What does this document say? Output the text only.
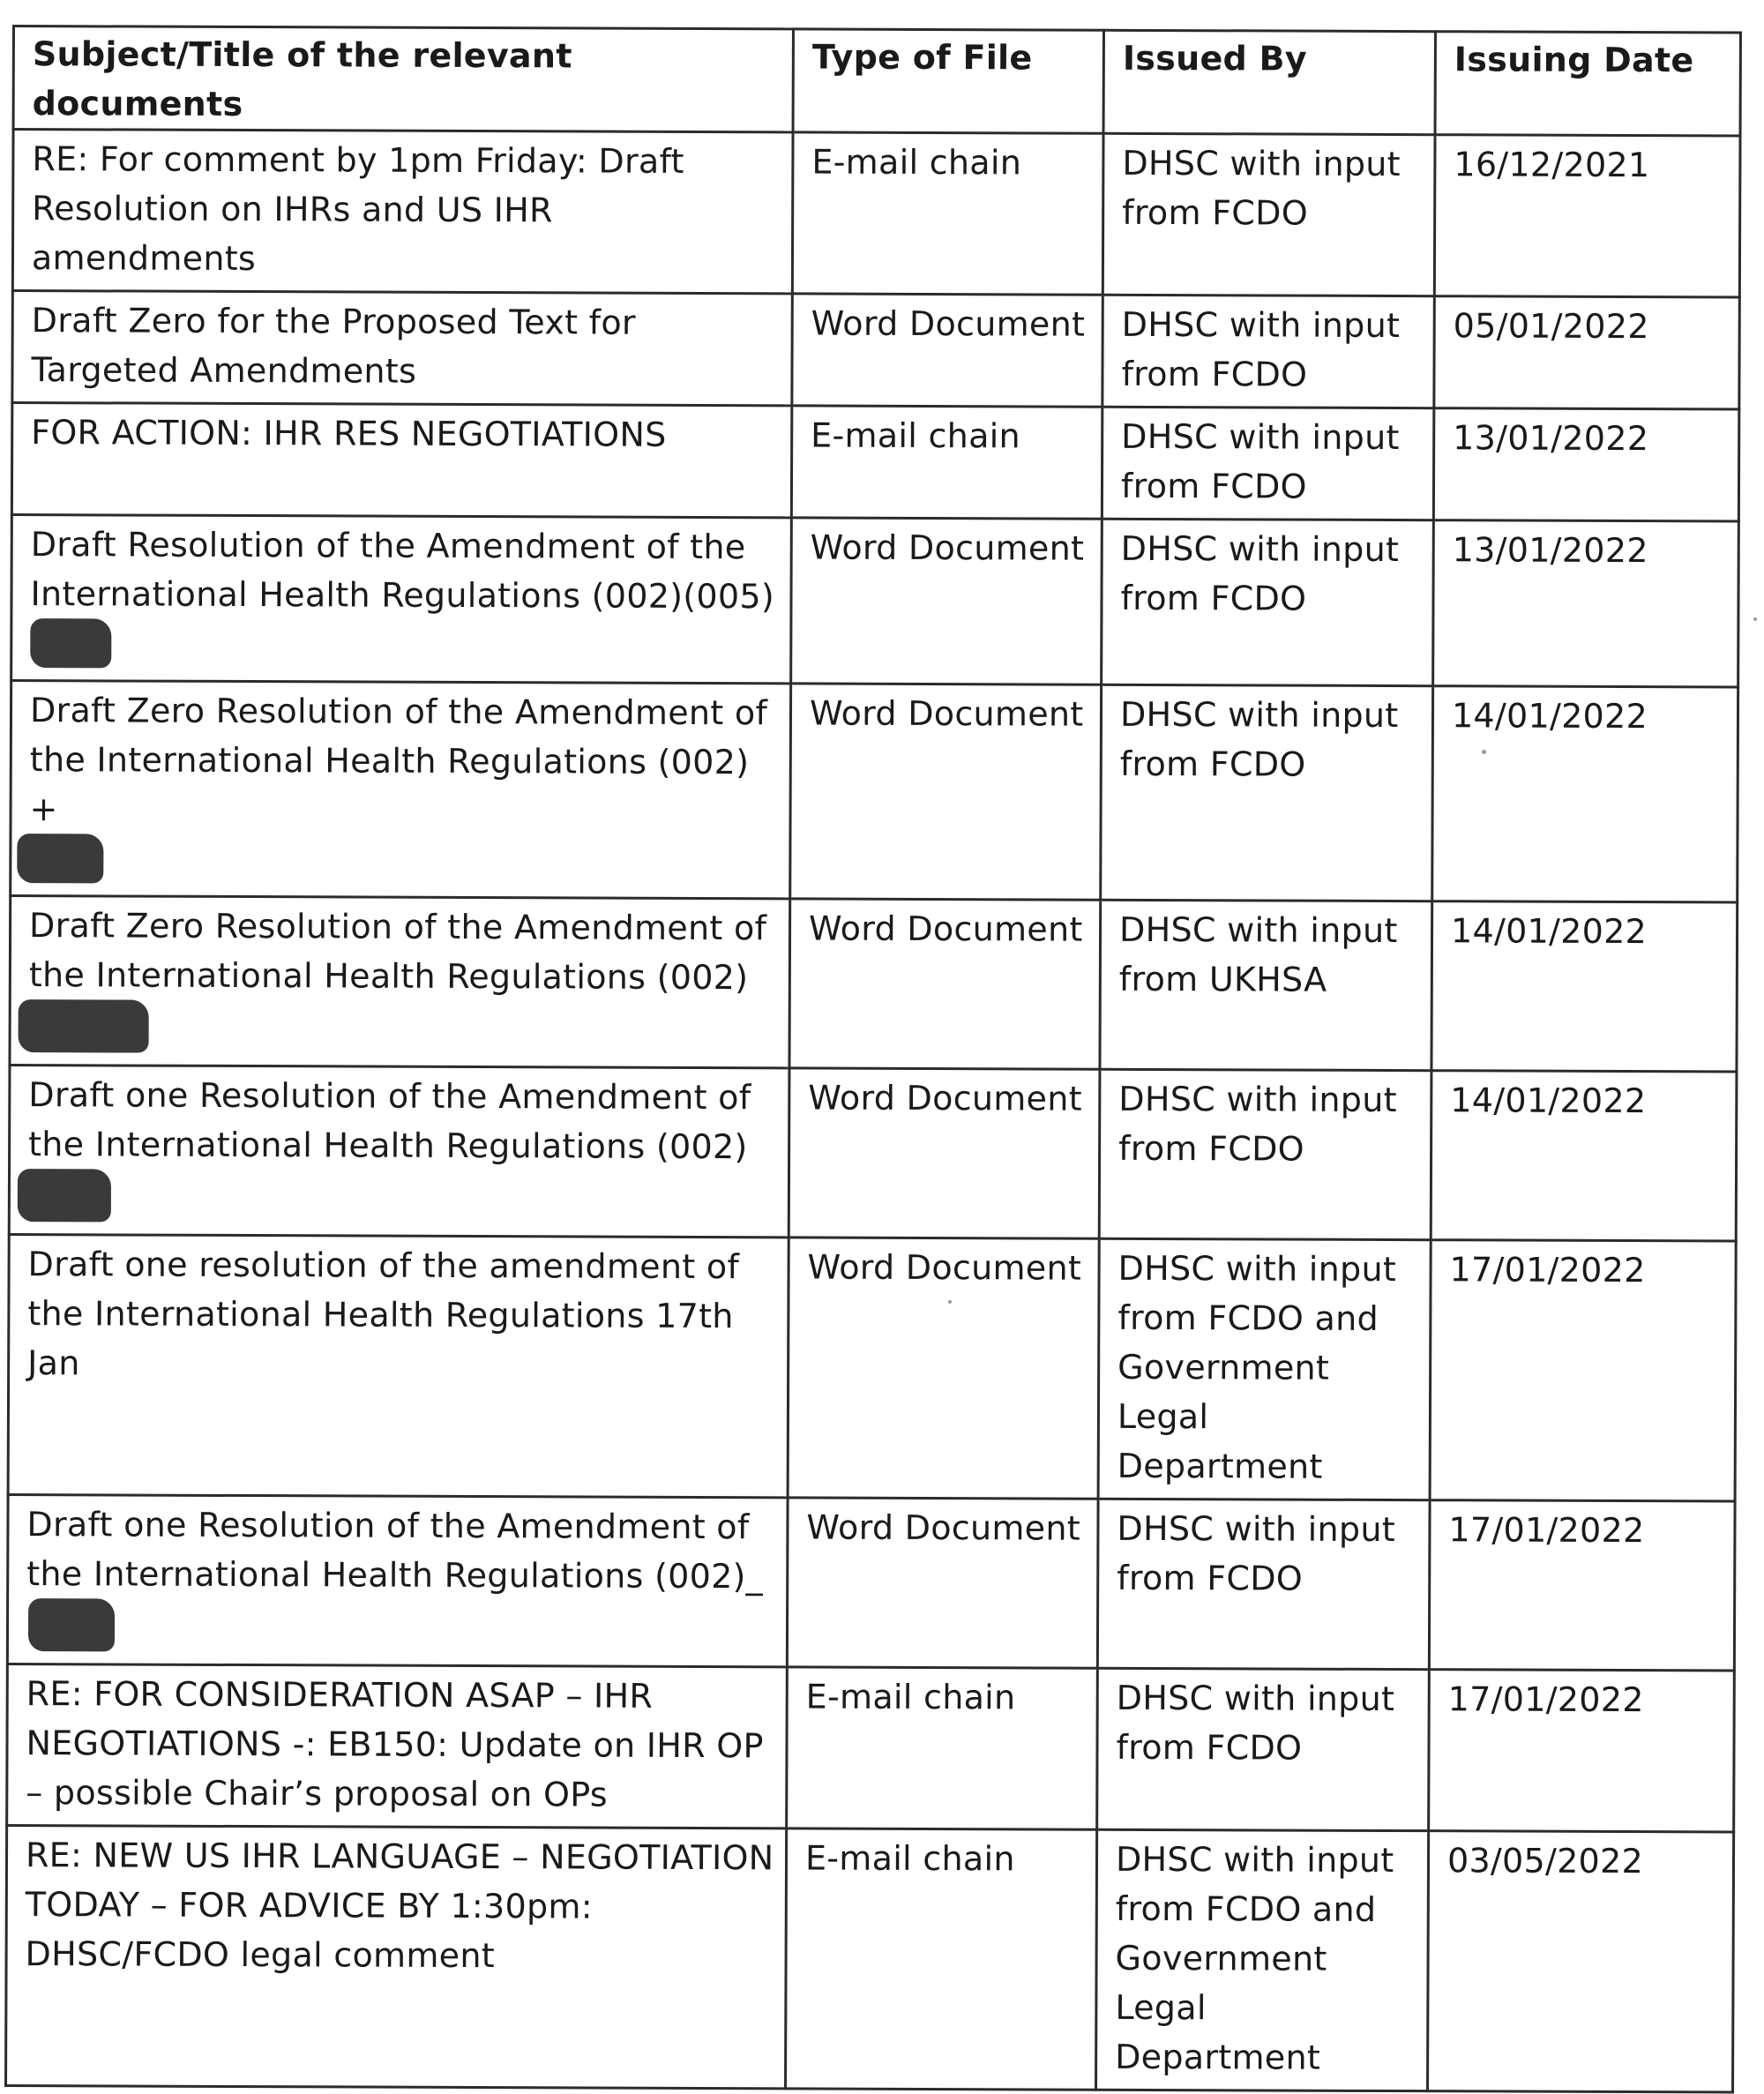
Subject/Title of the relevant documents	Type of File	Issued By	Issuing Date

RE: For comment by 1pm Friday: Draft Resolution on IHRs and US IHR amendments	E-mail chain	DHSC with input from FCDO	16/12/2021

Draft Zero for the Proposed Text for Targeted Amendments	Word Document	DHSC with input from FCDO	05/01/2022

FOR ACTION: IHR RES NEGOTIATIONS	E-mail chain	DHSC with input from FCDO	13/01/2022
Draft Resolution of the Amendment of the International Health Regulations (002)(005)	Word Document	DHSC with input from FCDO	13/01/2022

Draft Zero Resolution of the Amendment of the International Health Regulations (002) +	Word Document	DHSC with input from FCDO	14/01/2022

Draft Zero Resolution of the Amendment of the International Health Regulations (002)	Word Document	DHSC with input from UKHSA	14/01/2022

Draft one Resolution of the Amendment of the International Health Regulations (002)	Word Document	DHSC with input from FCDO	14/01/2022

Draft one resolution of the amendment of the International Health Regulations 17th Jan	Word Document	DHSC with input from FCDO and Government Legal Department	17/01/2022
Draft one Resolution of the Amendment of the International Health Regulations (002)_	Word Document	DHSC with input from FCDO	17/01/2022

RE: FOR CONSIDERATION ASAP – IHR NEGOTIATIONS -: EB150: Update on IHR OP – possible Chair’s proposal on OPs	E-mail chain	DHSC with input from FCDO	17/01/2022

RE: NEW US IHR LANGUAGE – NEGOTIATION TODAY – FOR ADVICE BY 1:30pm: DHSC/FCDO legal comment	E-mail chain	DHSC with input from FCDO and Government Legal Department	03/05/2022
